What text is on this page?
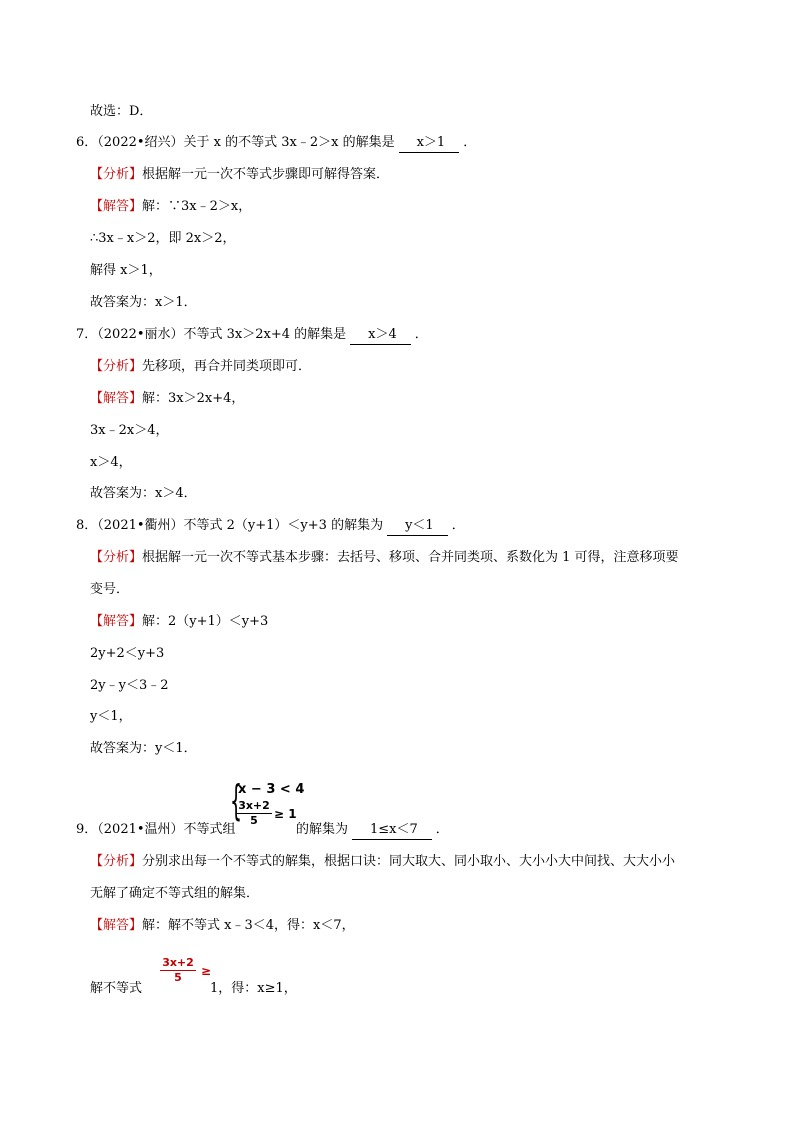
故选：D．
6．（2022•绍兴）关于 x 的不等式 3x﹣2＞x 的解集是 x＞1 ．
【分析】根据解一元一次不等式步骤即可解得答案．
【解答】解：∵3x﹣2＞x，
∴3x﹣x＞2，即 2x＞2，
解得 x＞1，
故答案为：x＞1．
7．（2022•丽水）不等式 3x＞2x+4 的解集是 x＞4 ．
【分析】先移项，再合并同类项即可．
【解答】解：3x＞2x+4，
3x﹣2x＞4，
x＞4，
故答案为：x＞4．
8．（2021•衢州）不等式 2（y+1）＜y+3 的解集为 y＜1 ．
【分析】根据解一元一次不等式基本步骤：去括号、移项、合并同类项、系数化为 1 可得，注意移项要
变号．
【解答】解：2（y+1）＜y+3
2y+2＜y+3
2y﹣y＜3﹣2
y＜1，
故答案为：y＜1．
{
x − 3 < 4
$\frac{3x+2}{5} \ge 1$
9．（2021•温州）不等式组	的解集为 1≤x＜7 ．
【分析】分别求出每一个不等式的解集，根据口诀：同大取大、同小取小、大小小大中间找、大大小小
无解了确定不等式组的解集．
【解答】解：解不等式 x﹣3＜4，得：x＜7，
解不等式
$\frac{3x+2}{5}$ ≥
1，得：x≥1，
